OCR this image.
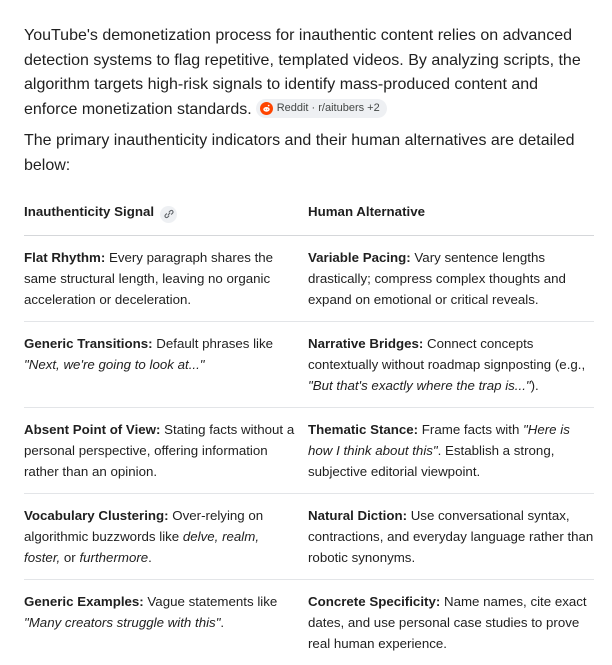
YouTube's demonetization process for inauthentic content relies on advanced detection systems to flag repetitive, templated videos. By analyzing scripts, the algorithm targets high-risk signals to identify mass-produced content and enforce monetization standards. Reddit · r/aitubers +2

The primary inauthenticity indicators and their human alternatives are detailed below:

Inauthenticity Signal	Human Alternative
Flat Rhythm: Every paragraph shares the same structural length, leaving no organic acceleration or deceleration.	Variable Pacing: Vary sentence lengths drastically; compress complex thoughts and expand on emotional or critical reveals.
Generic Transitions: Default phrases like "Next, we're going to look at..."	Narrative Bridges: Connect concepts contextually without roadmap signposting (e.g., "But that's exactly where the trap is...").
Absent Point of View: Stating facts without a personal perspective, offering information rather than an opinion.	Thematic Stance: Frame facts with "Here is how I think about this". Establish a strong, subjective editorial viewpoint.
Vocabulary Clustering: Over-relying on algorithmic buzzwords like delve, realm, foster, or furthermore.	Natural Diction: Use conversational syntax, contractions, and everyday language rather than robotic synonyms.
Generic Examples: Vague statements like "Many creators struggle with this".	Concrete Specificity: Name names, cite exact dates, and use personal case studies to prove real human experience.
